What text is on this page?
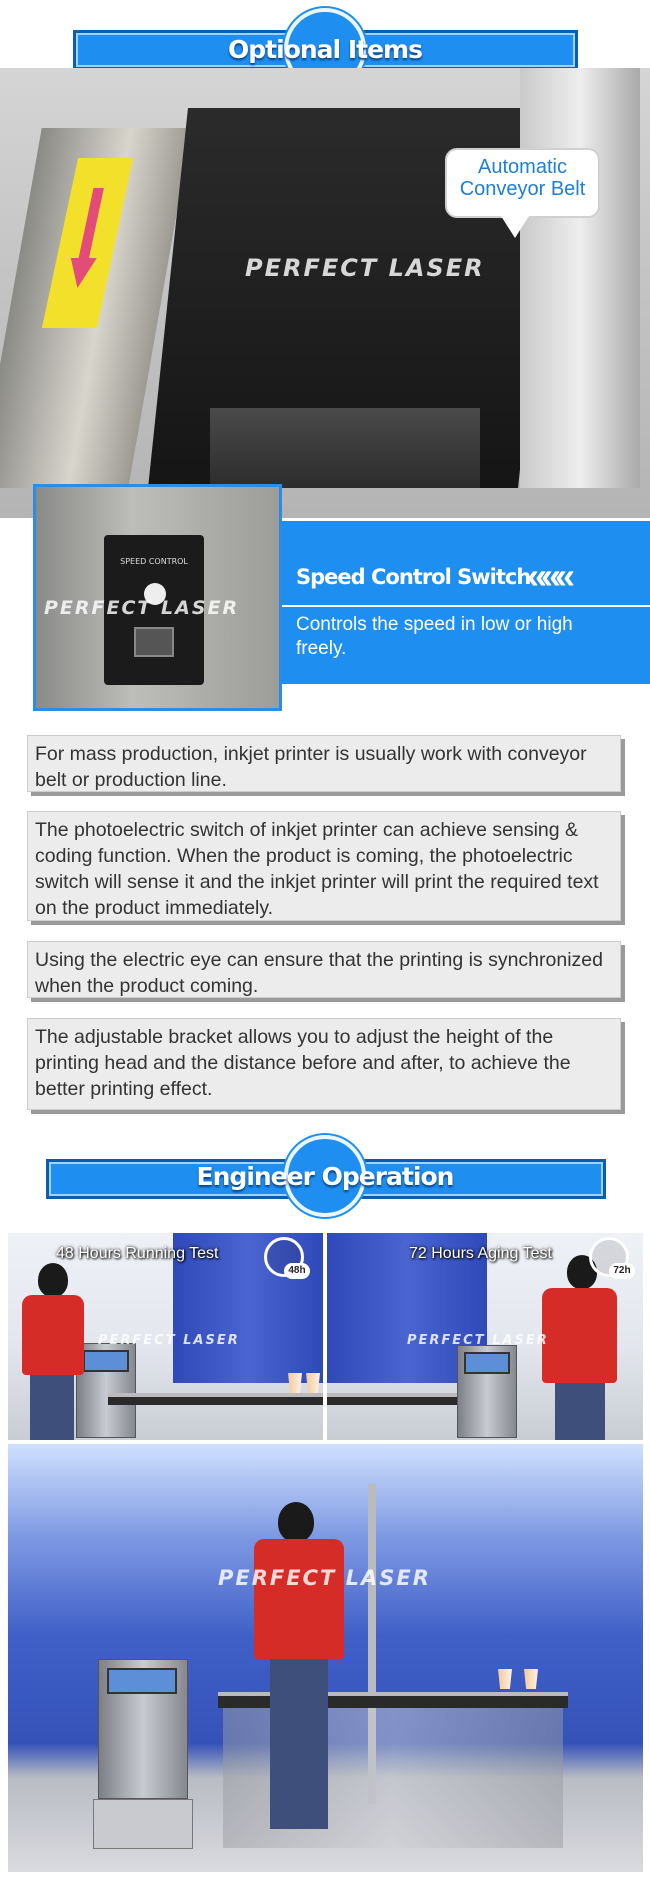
Optional Items
PERFECT LASER
Automatic
Conveyor Belt
SPEED CONTROL
PERFECT LASER
Speed Control Switch
«««
Controls the speed in low or high freely.
For mass production, inkjet printer is usually work with conveyor belt or production line.
The photoelectric switch of inkjet printer can achieve sensing & coding function. When the product is coming, the photoelectric switch will sense it and the inkjet printer will print the required text on the product immediately.
Using the electric eye can ensure that the printing is synchronized when the product coming.
The adjustable bracket allows you to adjust the height of the printing head and the distance before and after, to achieve the better printing effect.
Engineer Operation
PERFECT LASER
48 Hours Running Test
48h
PERFECT LASER
72 Hours Aging Test
72h
PERFECT LASER
